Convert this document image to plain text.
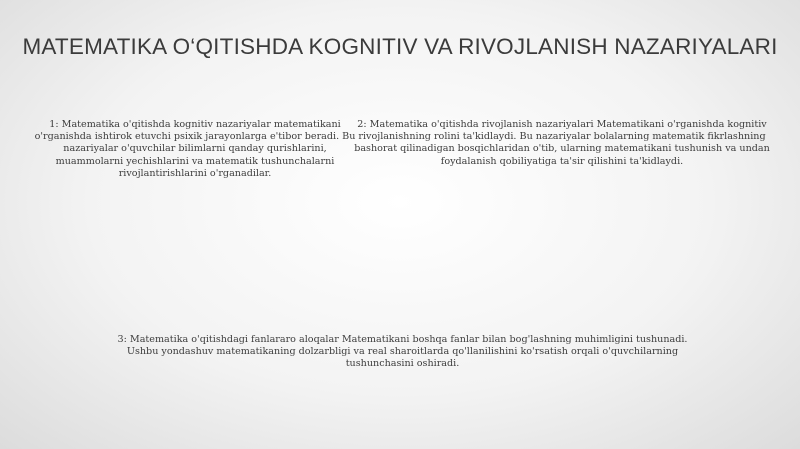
MATEMATIKA O‘QITISHDA KOGNITIV VA RIVOJLANISH NAZARIYALARI
1: Matematika o'qitishda kognitiv nazariyalar matematikani o'rganishda ishtirok etuvchi psixik jarayonlarga e'tibor beradi. Bu nazariyalar o'quvchilar bilimlarni qanday qurishlarini, muammolarni yechishlarini va matematik tushunchalarni rivojlantirishlarini o'rganadilar.
2: Matematika o'qitishda rivojlanish nazariyalari Matematikani o'rganishda kognitiv rivojlanishning rolini ta'kidlaydi. Bu nazariyalar bolalarning matematik fikrlashning bashorat qilinadigan bosqichlaridan o'tib, ularning matematikani tushunish va undan foydalanish qobiliyatiga ta'sir qilishini ta'kidlaydi.
3: Matematika o'qitishdagi fanlararo aloqalar Matematikani boshqa fanlar bilan bog'lashning muhimligini tushunadi. Ushbu yondashuv matematikaning dolzarbligi va real sharoitlarda qo'llanilishini ko'rsatish orqali o'quvchilarning tushunchasini oshiradi.
